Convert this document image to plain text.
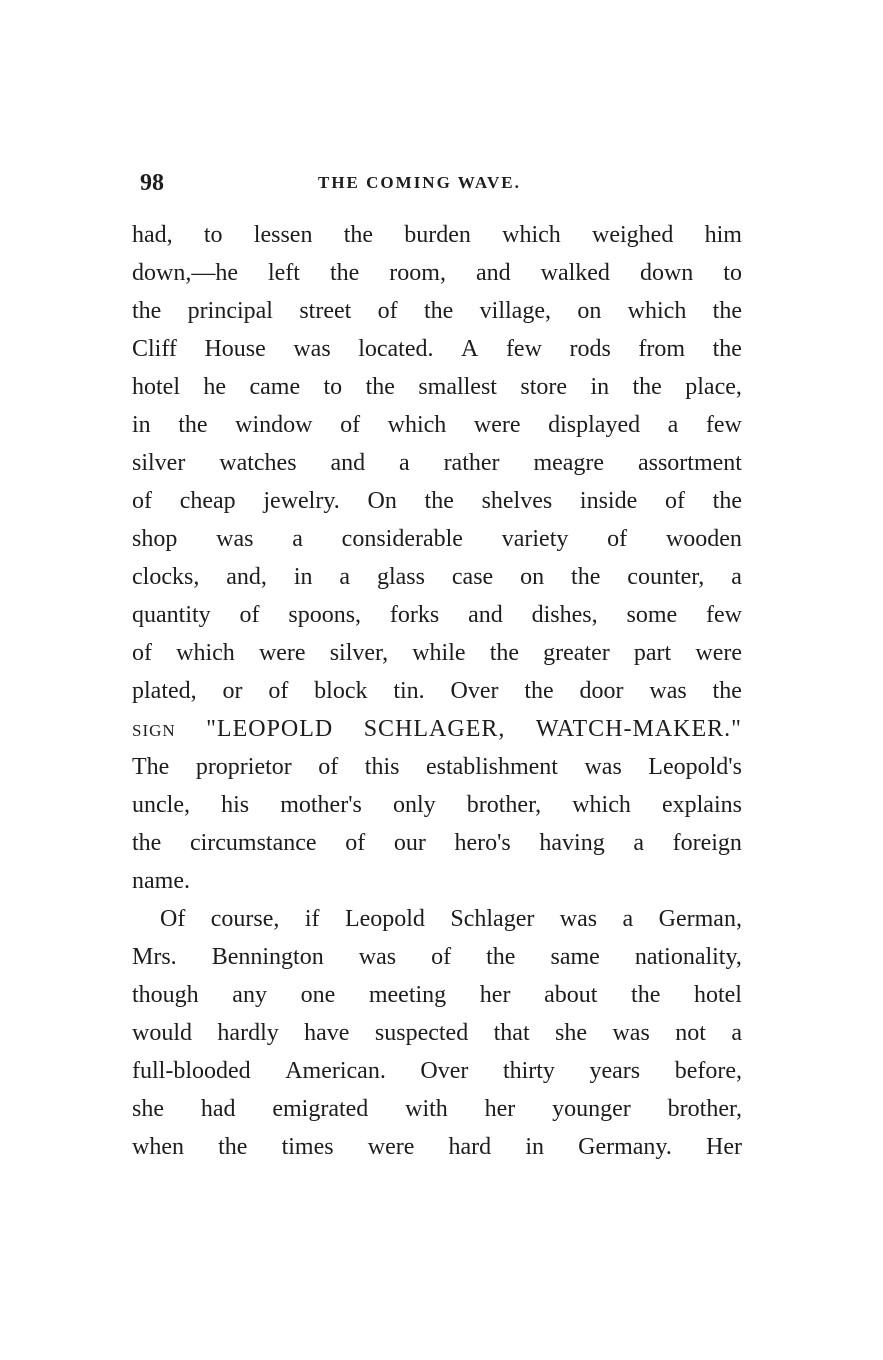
98	THE COMING WAVE.
had, to lessen the burden which weighed him
down,—he left the room, and walked down to
the principal street of the village, on which the
Cliff House was located. A few rods from the
hotel he came to the smallest store in the place,
in the window of which were displayed a few
silver watches and a rather meagre assortment
of cheap jewelry. On the shelves inside of the
shop was a considerable variety of wooden
clocks, and, in a glass case on the counter, a
quantity of spoons, forks and dishes, some few
of which were silver, while the greater part were
plated, or of block tin. Over the door was the
sign "LEOPOLD SCHLAGER, WATCH-MAKER."
The proprietor of this establishment was Leopold's
uncle, his mother's only brother, which explains
the circumstance of our hero's having a foreign
name.
Of course, if Leopold Schlager was a German,
Mrs. Bennington was of the same nationality,
though any one meeting her about the hotel
would hardly have suspected that she was not a
full-blooded American. Over thirty years before,
she had emigrated with her younger brother,
when the times were hard in Germany. Her
